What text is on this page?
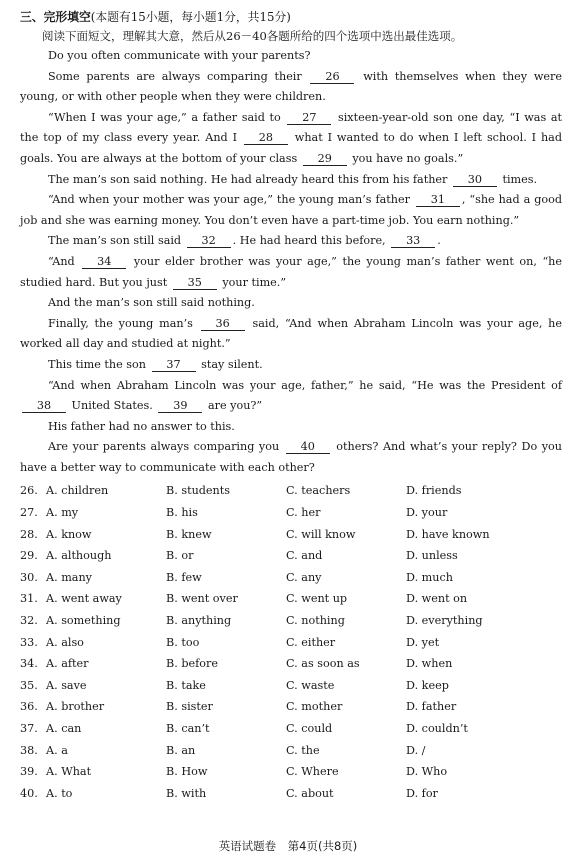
三、完形填空(本题有15小题，每小题1分，共15分)

阅读下面短文，理解其大意，然后从26－40各题所给的四个选项中选出最佳选项。

Do you often communicate with your parents?

Some parents are always comparing their 26 with themselves when they were young, or with other people when they were children.

“When I was your age,” a father said to 27 sixteen-year-old son one day, “I was at the top of my class every year. And I 28 what I wanted to do when I left school. I had goals. You are always at the bottom of your class 29 you have no goals.”

The man’s son said nothing. He had already heard this from his father 30 times.

“And when your mother was your age,” the young man’s father 31 , “she had a good job and she was earning money. You don’t even have a part-time job. You earn nothing.”

The man’s son still said 32 . He had heard this before, 33 .

“And 34 your elder brother was your age,” the young man’s father went on, “he studied hard. But you just 35 your time.”

And the man’s son still said nothing.

Finally, the young man’s 36 said, “And when Abraham Lincoln was your age, he worked all day and studied at night.”

This time the son 37 stay silent.

“And when Abraham Lincoln was your age, father,” he said, “He was the President of 38 United States. 39 are you?”

His father had no answer to this.

Are your parents always comparing you 40 others? And what’s your reply? Do you have a better way to communicate with each other?

26. A. children	B. students	C. teachers	D. friends
27. A. my	B. his	C. her	D. your
28. A. know	B. knew	C. will know	D. have known
29. A. although	B. or	C. and	D. unless
30. A. many	B. few	C. any	D. much
31. A. went away	B. went over	C. went up	D. went on
32. A. something	B. anything	C. nothing	D. everything
33. A. also	B. too	C. either	D. yet
34. A. after	B. before	C. as soon as	D. when
35. A. save	B. take	C. waste	D. keep
36. A. brother	B. sister	C. mother	D. father
37. A. can	B. can’t	C. could	D. couldn’t
38. A. a	B. an	C. the	D. /
39. A. What	B. How	C. Where	D. Who
40. A. to	B. with	C. about	D. for
英语试题卷　第4页(共8页)
